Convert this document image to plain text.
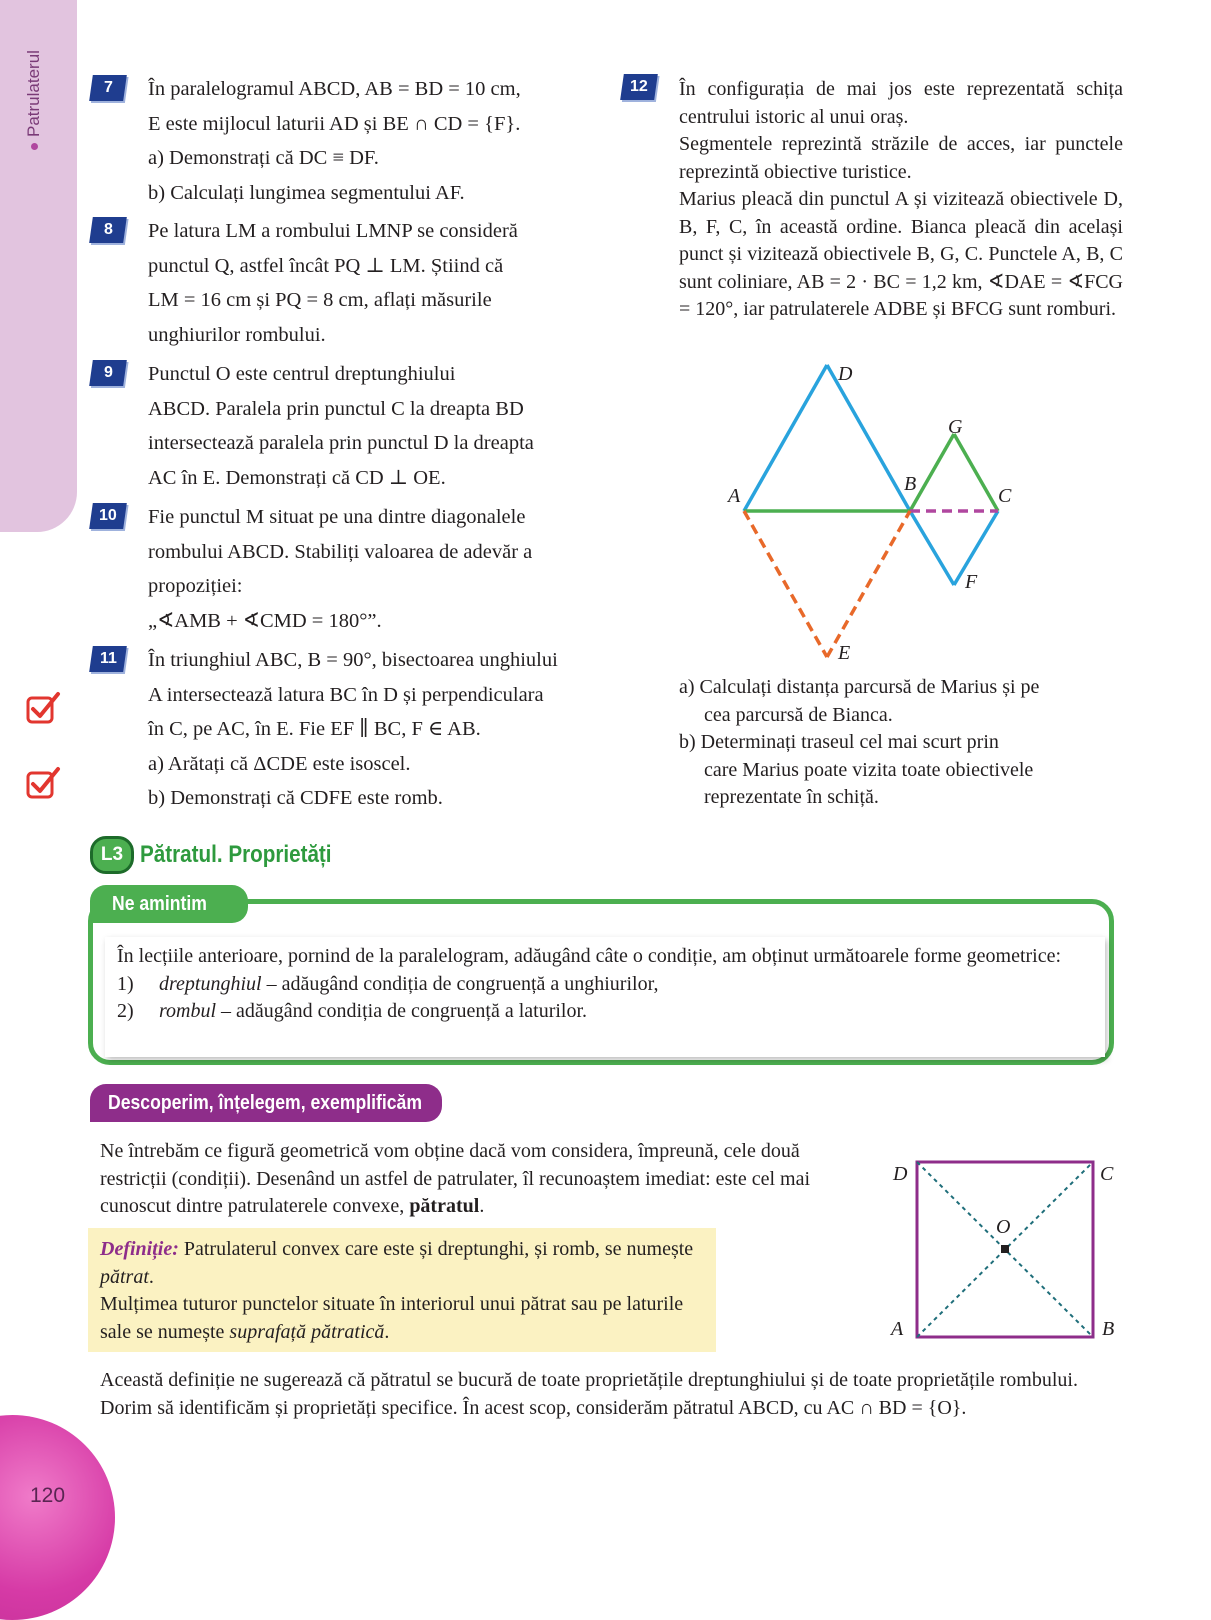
Patrulaterul
120
7	În paralelogramul ABCD, AB = BD = 10 cm,

E este mijlocul laturii AD și BE ∩ CD = {F}.

a) Demonstrați că DC ≡ DF.

b) Calculați lungimea segmentului AF.

8	Pe latura LM a rombului LMNP se consideră

punctul Q, astfel încât PQ ⊥ LM. Știind că

LM = 16 cm și PQ = 8 cm, aflați măsurile

unghiurilor rombului.

9	Punctul O este centrul dreptunghiului

ABCD. Paralela prin punctul C la dreapta BD

intersectează paralela prin punctul D la dreapta

AC în E. Demonstrați că CD ⊥ OE.

10	Fie punctul M situat pe una dintre diagonalele

rombului ABCD. Stabiliți valoarea de adevăr a

propoziției:

„∢AMB + ∢CMD = 180°”.

11	În triunghiul ABC, B = 90°, bisectoarea unghiului

A intersectează latura BC în D și perpendiculara

în C, pe AC, în E. Fie EF ∥ BC, F ∈ AB.

a) Arătați că ΔCDE este isoscel.

b) Demonstrați că CDFE este romb.

12	În configurația de mai jos este reprezentată schița centrului istoric al unui oraș.

Segmentele reprezintă străzile de acces, iar punctele reprezintă obiective turistice.

Marius pleacă din punctul A și vizitează obiectivele D, B, F, C, în această ordine. Bianca pleacă din același punct și vizitează obiectivele B, G, C. Punctele A, B, C sunt coliniare, AB = 2 · BC = 1,2 km, ∢DAE = ∢FCG = 120°, iar patrulaterele ADBE și BFCG sunt romburi.

D
G
A
B
C
F
E

a) Calculați distanța parcursă de Marius și pe

cea parcursă de Bianca.

b) Determinați traseul cel mai scurt prin

care Marius poate vizita toate obiectivele

reprezentate în schiță.

L3 Pătratul. Proprietăți
Ne amintim

În lecțiile anterioare, pornind de la paralelogram, adăugând câte o condiție, am obținut următoarele forme geometrice:

1) dreptunghiul – adăugând condiția de congruență a unghiurilor,

2) rombul – adăugând condiția de congruență a laturilor.

Descoperim, înțelegem, exemplificăm

Ne întrebăm ce figură geometrică vom obține dacă vom considera, împreună, cele două restricții (condiții). Desenând un astfel de patrulater, îl recunoaștem imediat: este cel mai cunoscut dintre patrulaterele convexe, pătratul.

Definiție: Patrulaterul convex care este și dreptunghi, și romb, se numește pătrat.

Mulțimea tuturor punctelor situate în interiorul unui pătrat sau pe laturile sale se numește suprafață pătratică.

D	C
O
A	B

Această definiție ne sugerează că pătratul se bucură de toate proprietățile dreptunghiului și de toate proprietățile rombului.

Dorim să identificăm și proprietăți specifice. În acest scop, considerăm pătratul ABCD, cu AC ∩ BD = {O}.
